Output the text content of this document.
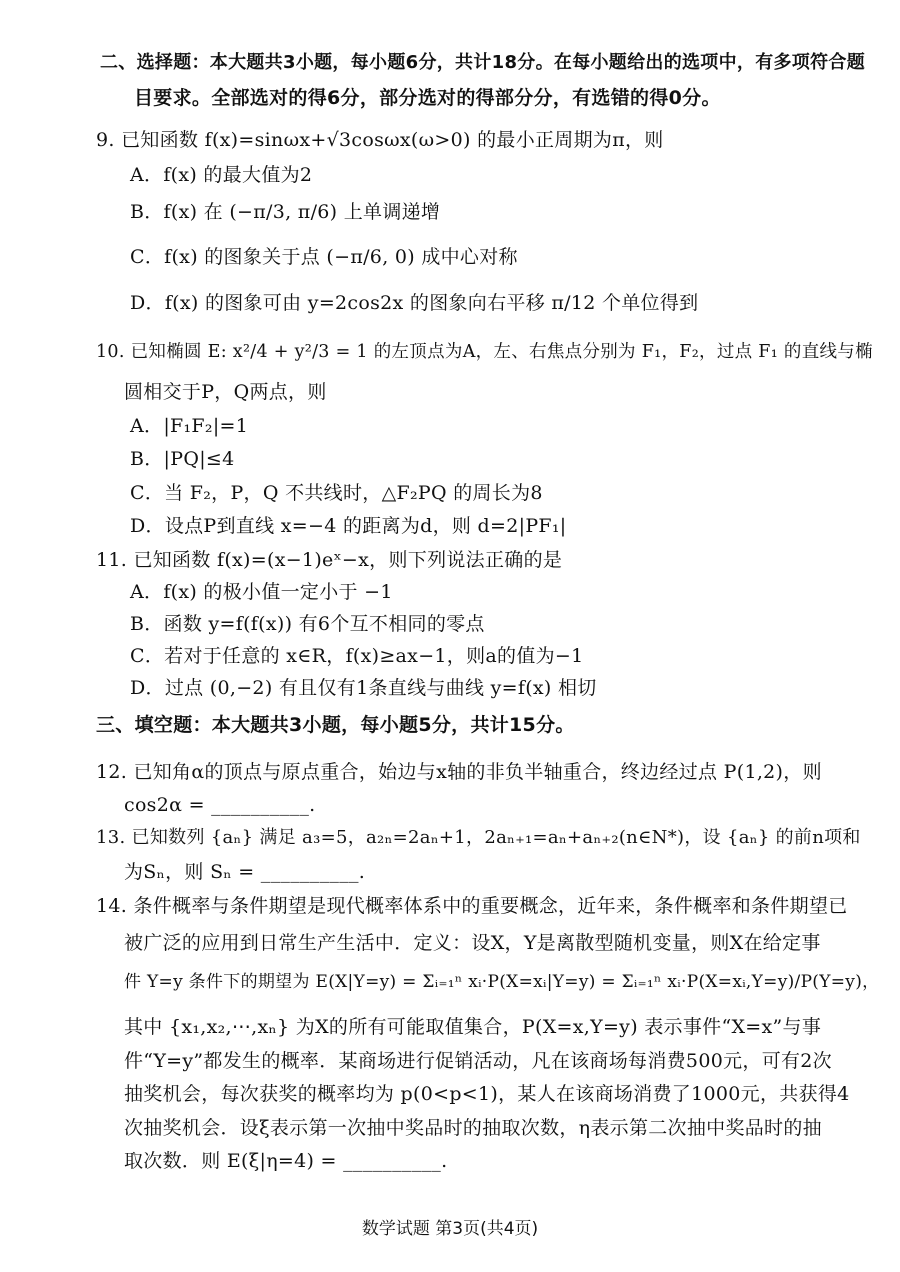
二、选择题：本大题共3小题，每小题6分，共计18分。在每小题给出的选项中，有多项符合题
目要求。全部选对的得6分，部分选对的得部分分，有选错的得0分。
9. 已知函数 f(x)=sinωx+√3cosωx(ω>0) 的最小正周期为π，则
A．f(x) 的最大值为2
B．f(x) 在 (−π/3, π/6) 上单调递增
C．f(x) 的图象关于点 (−π/6, 0) 成中心对称
D．f(x) 的图象可由 y=2cos2x 的图象向右平移 π/12 个单位得到
10. 已知椭圆 E: x²/4 + y²/3 = 1 的左顶点为A，左、右焦点分别为 F₁，F₂，过点 F₁ 的直线与椭
圆相交于P，Q两点，则
A．|F₁F₂|=1
B．|PQ|≤4
C．当 F₂，P，Q 不共线时，△F₂PQ 的周长为8
D．设点P到直线 x=−4 的距离为d，则 d=2|PF₁|
11. 已知函数 f(x)=(x−1)eˣ−x，则下列说法正确的是
A．f(x) 的极小值一定小于 −1
B．函数 y=f(f(x)) 有6个互不相同的零点
C．若对于任意的 x∈R，f(x)≥ax−1，则a的值为−1
D．过点 (0,−2) 有且仅有1条直线与曲线 y=f(x) 相切
三、填空题：本大题共3小题，每小题5分，共计15分。
12. 已知角α的顶点与原点重合，始边与x轴的非负半轴重合，终边经过点 P(1,2)，则
cos2α = __________.
13. 已知数列 {aₙ} 满足 a₃=5，a₂ₙ=2aₙ+1，2aₙ₊₁=aₙ+aₙ₊₂(n∈N*)，设 {aₙ} 的前n项和
为Sₙ，则 Sₙ = __________.
14. 条件概率与条件期望是现代概率体系中的重要概念，近年来，条件概率和条件期望已
被广泛的应用到日常生产生活中．定义：设X，Y是离散型随机变量，则X在给定事
件 Y=y 条件下的期望为 E(X|Y=y) = Σᵢ₌₁ⁿ xᵢ·P(X=xᵢ|Y=y) = Σᵢ₌₁ⁿ xᵢ·P(X=xᵢ,Y=y)/P(Y=y)，
其中 {x₁,x₂,⋯,xₙ} 为X的所有可能取值集合，P(X=x,Y=y) 表示事件“X=x”与事
件“Y=y”都发生的概率．某商场进行促销活动，凡在该商场每消费500元，可有2次
抽奖机会，每次获奖的概率均为 p(0<p<1)，某人在该商场消费了1000元，共获得4
次抽奖机会．设ξ表示第一次抽中奖品时的抽取次数，η表示第二次抽中奖品时的抽
取次数．则 E(ξ|η=4) = __________.
数学试题 第3页(共4页)
